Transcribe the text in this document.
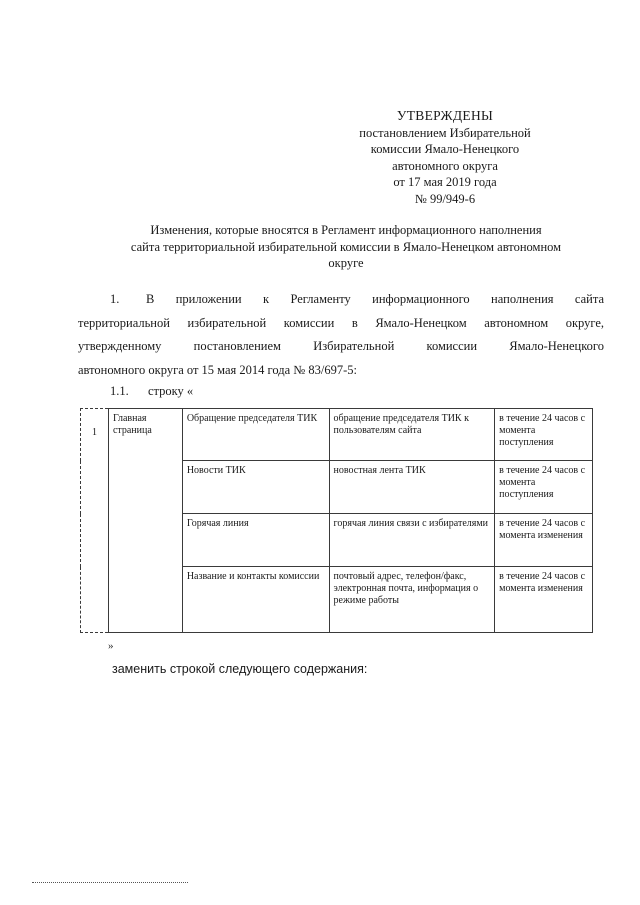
УТВЕРЖДЕНЫ
постановлением Избирательной
комиссии Ямало-Ненецкого
автономного округа
от 17 мая 2019 года
№ 99/949-6
Изменения, которые вносятся в Регламент информационного наполнения
сайта территориальной избирательной комиссии в Ямало-Ненецком автономном
округе
1. В приложении к Регламенту информационного наполнения сайта
территориальной избирательной комиссии в Ямало-Ненецком автономном округе,
утвержденному постановлением Избирательной комиссии Ямало-Ненецкого
автономного округа от 15 мая 2014 года № 83/697-5:
1.1. строку «
1	Главная страница	Обращение председателя ТИК	обращение председателя ТИК к пользователям сайта	в течение 24 часов с момента поступления
		Новости ТИК	новостная лента ТИК	в течение 24 часов с момента поступления
		Горячая линия	горячая линия связи с избирателями	в течение 24 часов с момента изменения
		Название и контакты комиссии	почтовый адрес, телефон/факс, электронная почта, информация о режиме работы	в течение 24 часов с момента изменения
»
заменить строкой следующего содержания:
